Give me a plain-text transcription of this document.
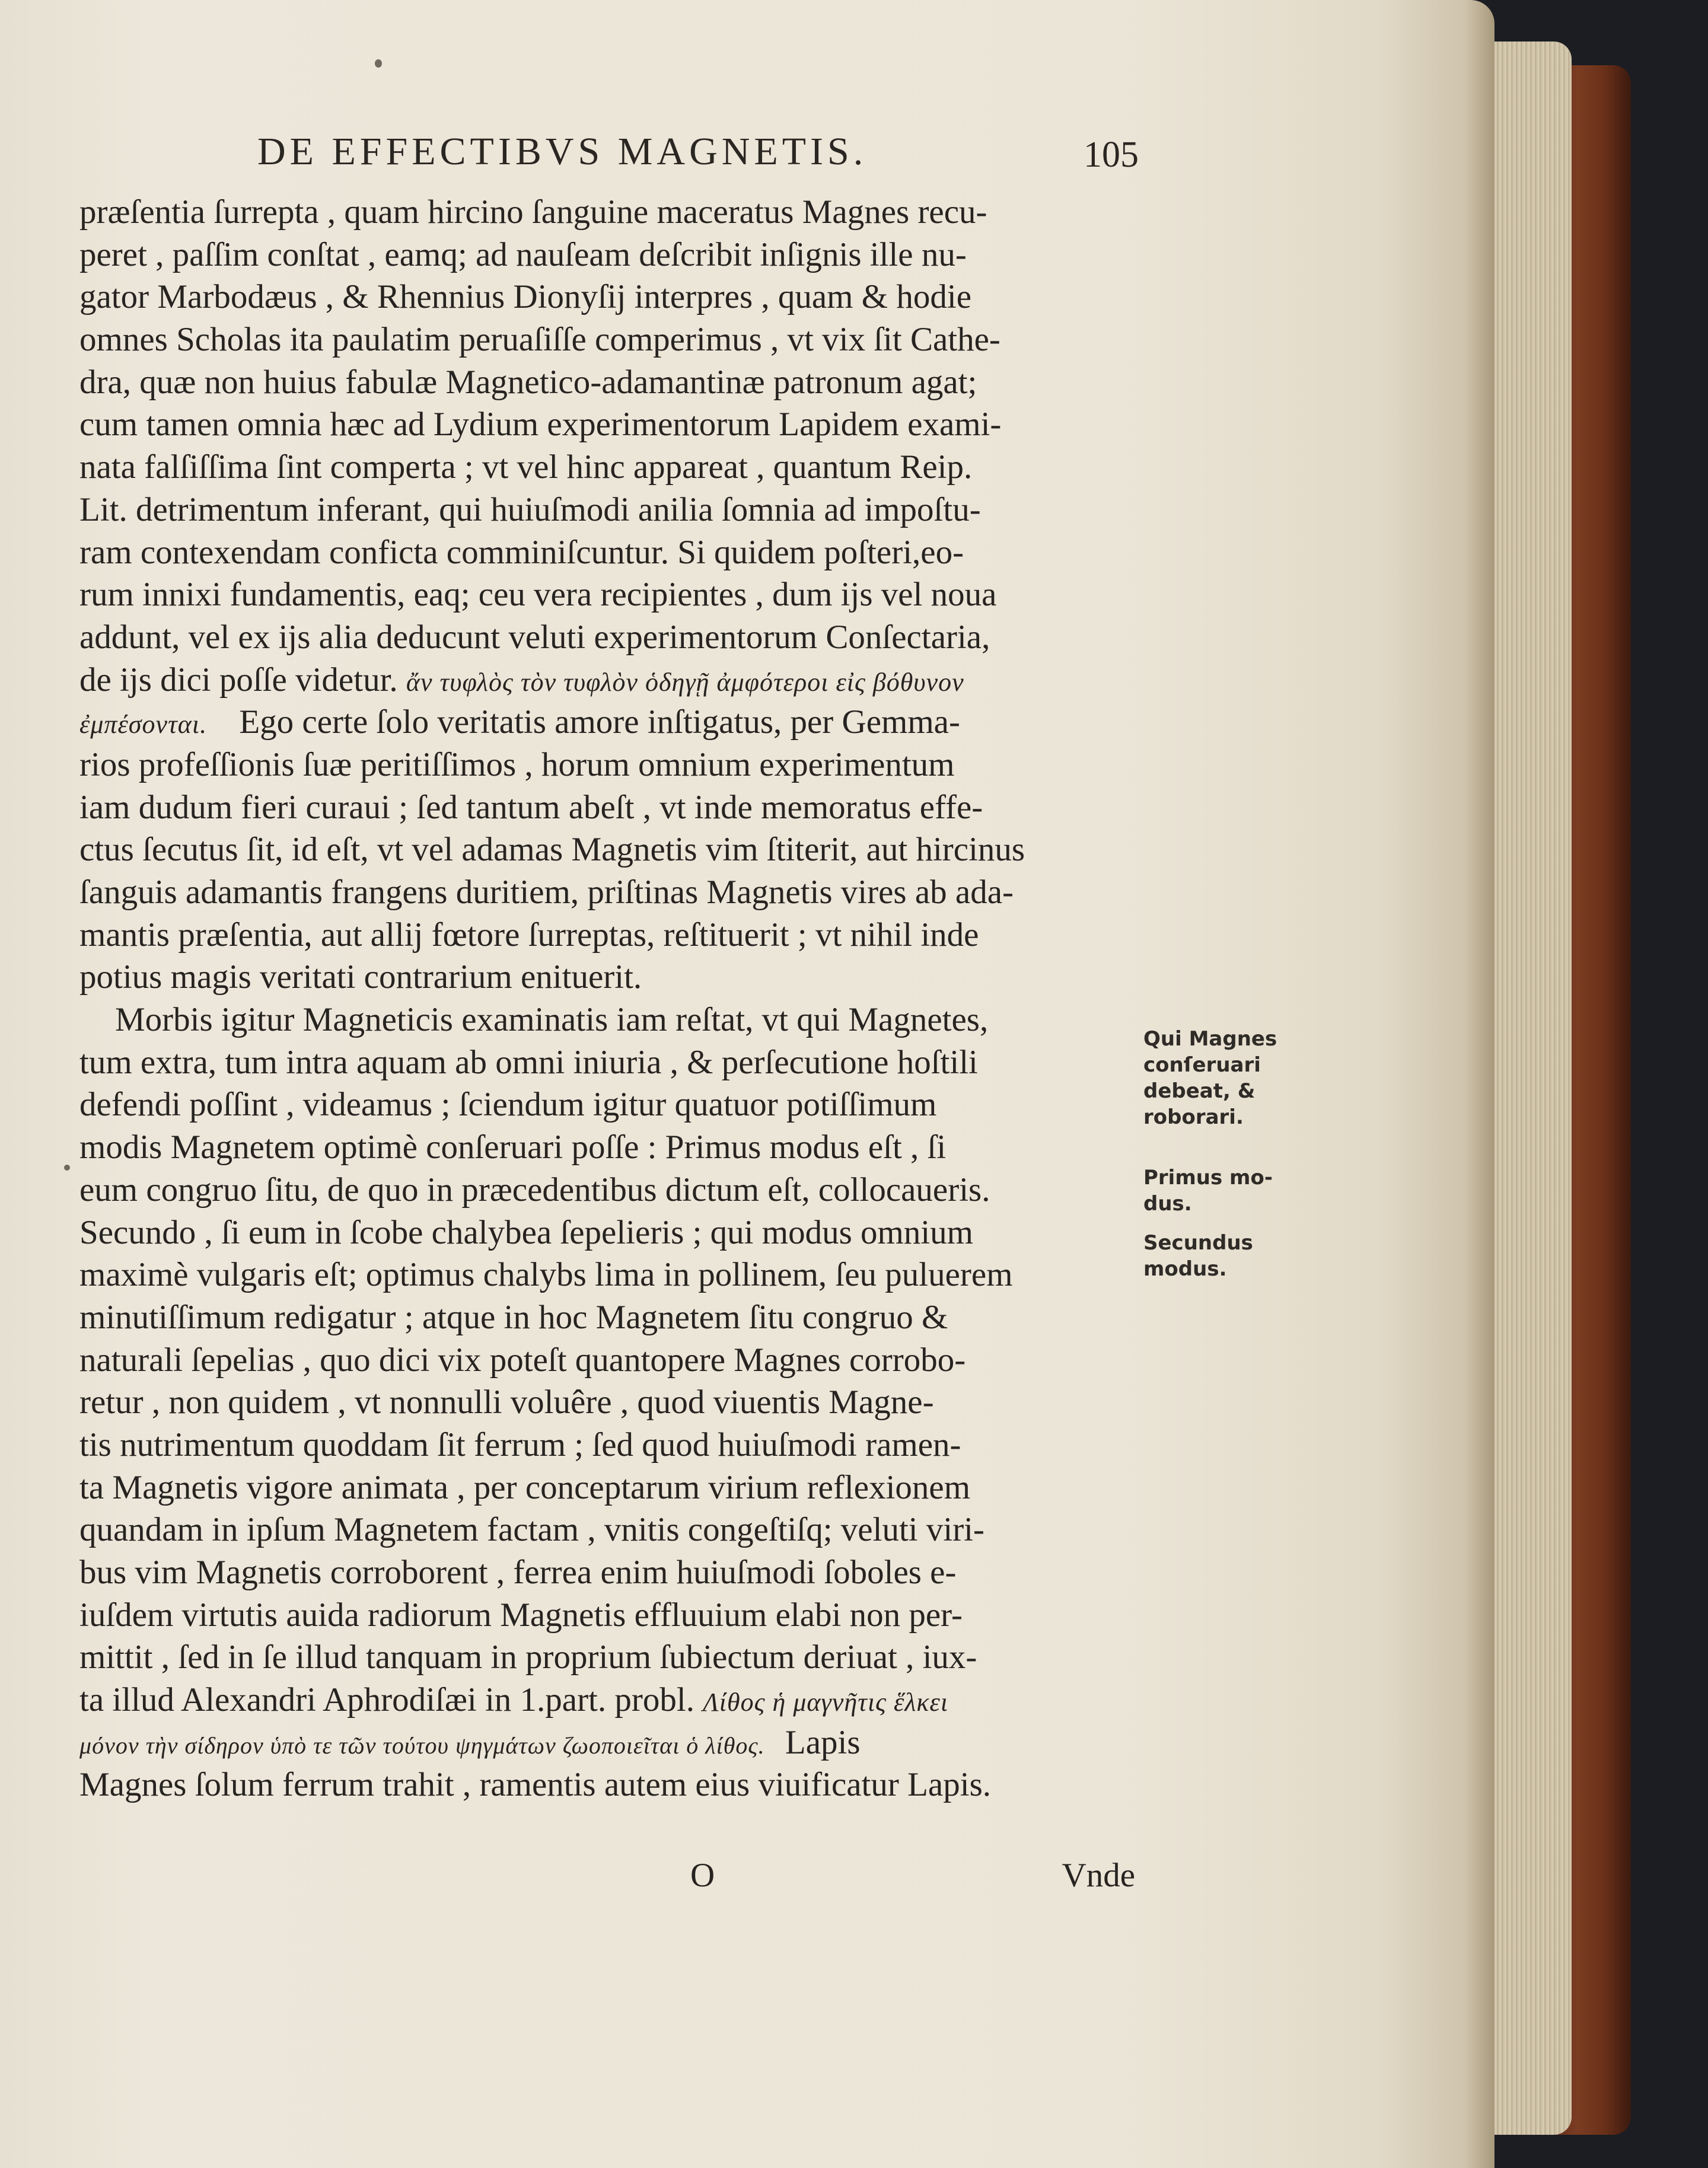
DE EFFECTIBVS MAGNETIS.	105
præſentia ſurrepta , quam hircino ſanguine maceratus Magnes recu-
peret , paſſim conſtat , eamq; ad nauſeam deſcribit inſignis ille nu-
gator Marbodæus , & Rhennius Dionyſij interpres , quam & hodie
omnes Scholas ita paulatim peruaſiſſe comperimus , vt vix ſit Cathe-
dra, quæ non huius fabulæ Magnetico-adamantinæ patronum agat;
cum tamen omnia hæc ad Lydium experimentorum Lapidem exami-
nata falſiſſima ſint comperta ; vt vel hinc appareat , quantum Reip.
Lit. detrimentum inferant, qui huiuſmodi anilia ſomnia ad impoſtu-
ram contexendam conficta comminiſcuntur. Si quidem poſteri,eo-
rum innixi fundamentis, eaq; ceu vera recipientes , dum ijs vel noua
addunt, vel ex ijs alia deducunt veluti experimentorum Conſectaria,
de ijs dici poſſe videtur. ἄν τυφλὸς τὸν τυφλὸν ὁδηγῇ ἀμφότεροι εἰς βόθυνον
ἐμπέσονται. Ego certe ſolo veritatis amore inſtigatus, per Gemma-
rios profeſſionis ſuæ peritiſſimos , horum omnium experimentum
iam dudum fieri curaui ; ſed tantum abeſt , vt inde memoratus effe-
ctus ſecutus ſit, id eſt, vt vel adamas Magnetis vim ſtiterit, aut hircinus
ſanguis adamantis frangens duritiem, priſtinas Magnetis vires ab ada-
mantis præſentia, aut allij fœtore ſurreptas, reſtituerit ; vt nihil inde
potius magis veritati contrarium enituerit.
Morbis igitur Magneticis examinatis iam reſtat, vt qui Magnetes,
tum extra, tum intra aquam ab omni iniuria , & perſecutione hoſtili
defendi poſſint , videamus ; ſciendum igitur quatuor potiſſimum
modis Magnetem optimè conſeruari poſſe : Primus modus eſt , ſi
eum congruo ſitu, de quo in præcedentibus dictum eſt, collocaueris.
Secundo , ſi eum in ſcobe chalybea ſepelieris ; qui modus omnium
maximè vulgaris eſt; optimus chalybs lima in pollinem, ſeu puluerem
minutiſſimum redigatur ; atque in hoc Magnetem ſitu congruo &
naturali ſepelias , quo dici vix poteſt quantopere Magnes corrobo-
retur , non quidem , vt nonnulli voluêre , quod viuentis Magne-
tis nutrimentum quoddam ſit ferrum ; ſed quod huiuſmodi ramen-
ta Magnetis vigore animata , per conceptarum virium reflexionem
quandam in ipſum Magnetem factam , vnitis congeſtiſq; veluti viri-
bus vim Magnetis corroborent , ferrea enim huiuſmodi ſoboles e-
iuſdem virtutis auida radiorum Magnetis effluuium elabi non per-
mittit , ſed in ſe illud tanquam in proprium ſubiectum deriuat , iux-
ta illud Alexandri Aphrodiſæi in 1.part. probl. Λίθος ἡ μαγνῆτις ἕλκει
μόνον τὴν σίδηρον ὑπὸ τε τῶν τούτου ψηγμάτων ζωοποιεῖται ὁ λίθος. Lapis
Magnes ſolum ferrum trahit , ramentis autem eius viuificatur Lapis.
O	Vnde
Qui Magnes
conſeruari
debeat, &
roborari.
Primus mo-
dus.
Secundus
modus.
